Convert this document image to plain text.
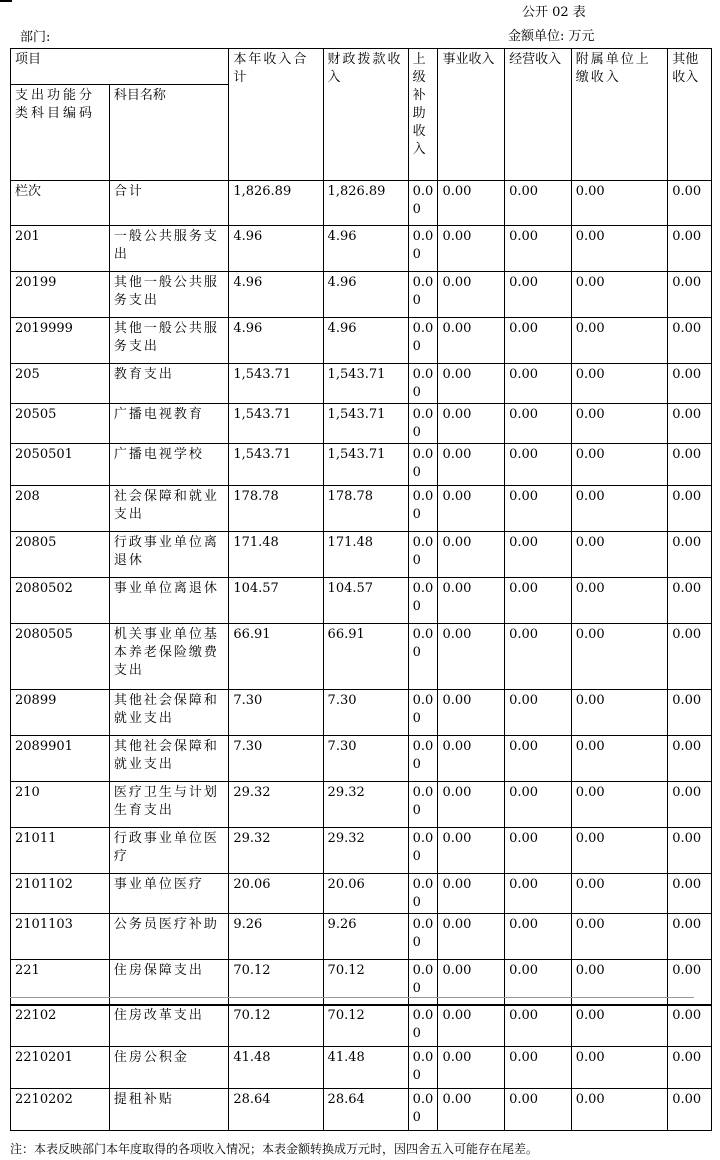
公开 02 表
部门:	金额单位: 万元
项目		本年收入合计	财政拨款收入	上级补助收入	事业收入	经营收入	附属单位上缴收入	其他收入
支出功能分类科目编码	科目名称							
栏次	合计	1,826.89	1,826.89	0.00	0.00	0.00	0.00	0.00
201	一般公共服务支出	4.96	4.96	0.00	0.00	0.00	0.00	0.00
20199	其他一般公共服务支出	4.96	4.96	0.00	0.00	0.00	0.00	0.00
2019999	其他一般公共服务支出	4.96	4.96	0.00	0.00	0.00	0.00	0.00
205	教育支出	1,543.71	1,543.71	0.00	0.00	0.00	0.00	0.00
20505	广播电视教育	1,543.71	1,543.71	0.00	0.00	0.00	0.00	0.00
2050501	广播电视学校	1,543.71	1,543.71	0.00	0.00	0.00	0.00	0.00
208	社会保障和就业支出	178.78	178.78	0.00	0.00	0.00	0.00	0.00
20805	行政事业单位离退休	171.48	171.48	0.00	0.00	0.00	0.00	0.00
2080502	事业单位离退休	104.57	104.57	0.00	0.00	0.00	0.00	0.00
2080505	机关事业单位基本养老保险缴费支出	66.91	66.91	0.00	0.00	0.00	0.00	0.00
20899	其他社会保障和就业支出	7.30	7.30	0.00	0.00	0.00	0.00	0.00
2089901	其他社会保障和就业支出	7.30	7.30	0.00	0.00	0.00	0.00	0.00
210	医疗卫生与计划生育支出	29.32	29.32	0.00	0.00	0.00	0.00	0.00
21011	行政事业单位医疗	29.32	29.32	0.00	0.00	0.00	0.00	0.00
2101102	事业单位医疗	20.06	20.06	0.00	0.00	0.00	0.00	0.00
2101103	公务员医疗补助	9.26	9.26	0.00	0.00	0.00	0.00	0.00
221	住房保障支出	70.12	70.12	0.00	0.00	0.00	0.00	0.00
22102	住房改革支出	70.12	70.12	0.00	0.00	0.00	0.00	0.00
2210201	住房公积金	41.48	41.48	0.00	0.00	0.00	0.00	0.00
2210202	提租补贴	28.64	28.64	0.00	0.00	0.00	0.00	0.00
注：本表反映部门本年度取得的各项收入情况；本表金额转换成万元时，因四舍五入可能存在尾差。
